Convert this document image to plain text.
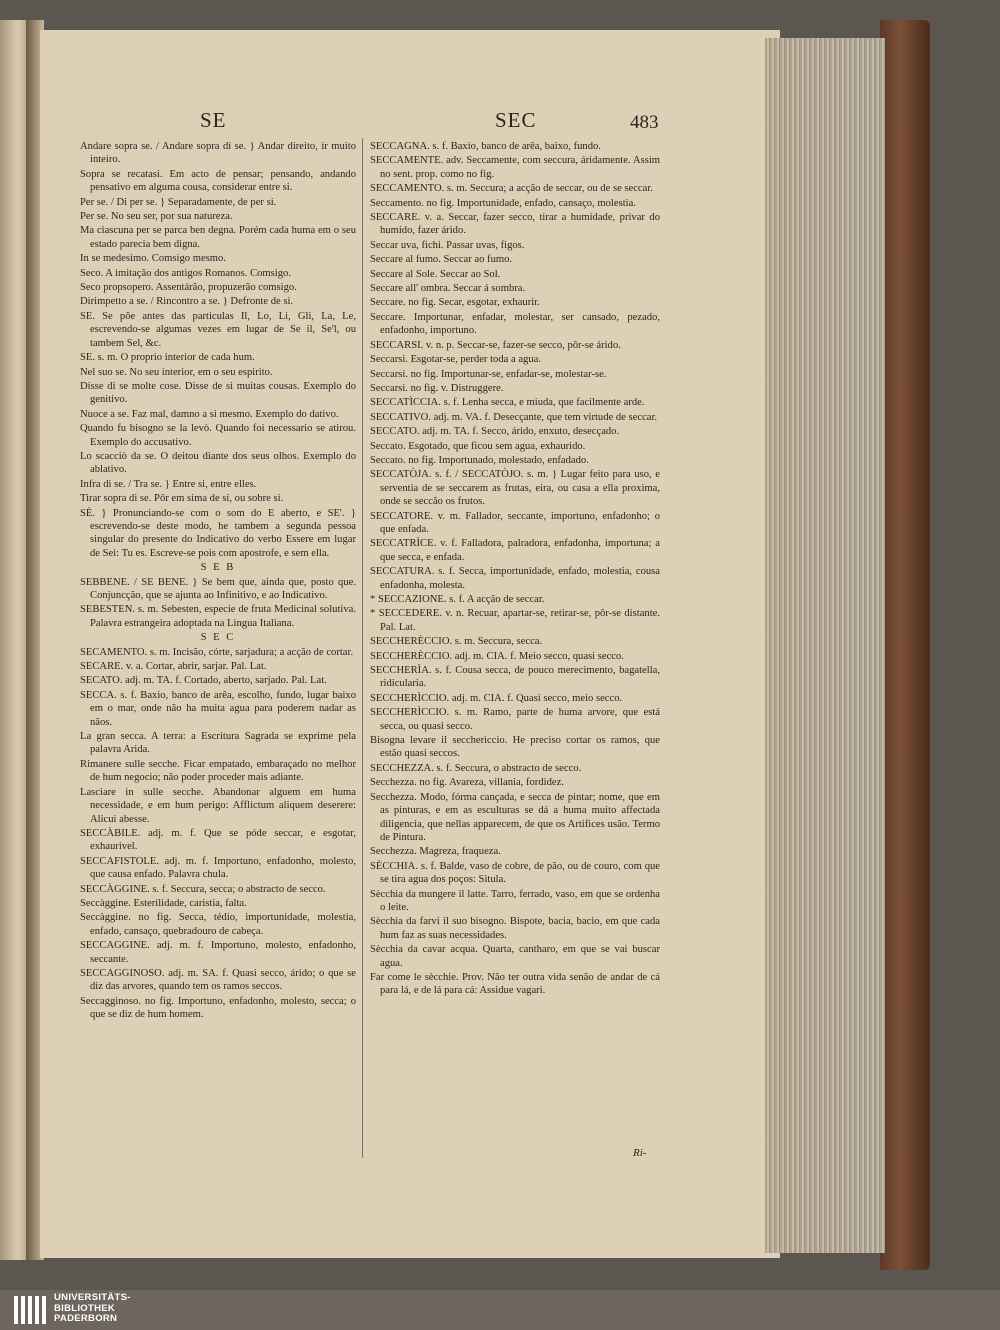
SE	SEC	483
Andare sopra se. / Andare sopra di se. } Andar direito, ir muito inteiro.
Sopra se recatasi. Em acto de pensar; pensando, andando pensativo em alguma cousa, considerar entre si.
Per se. / Di per se. } Separadamente, de per si.
Per se. No seu ser, por sua natureza.
Ma ciascuna per se parca ben degna. Porém cada huma em o seu estado parecia bem digna.
In se medesimo. Comsigo mesmo.
Seco. A imitação dos antigos Romanos. Comsigo.
Seco propsopero. Assentárão, propuzerão comsigo.
Dirimpetto a se. / Rincontro a se. } Defronte de si.
SE. Se põe antes das particulas Il, Lo, Li, Gli, La, Le, escrevendo-se algumas vezes em lugar de Se il, Se'l, ou tambem Sel, &c.
SE. s. m. O proprio interior de cada hum.
Nel suo se. No seu interior, em o seu espirito.
Disse di se molte cose. Disse de si muitas cousas. Exemplo do genitivo.
Nuoce a se. Faz mal, damno a si mesmo. Exemplo do dativo.
Quando fu bisogno se la levò. Quando foi necessario se atirou. Exemplo do accusativo.
Lo scacciò da se. O deitou diante dos seus olhos. Exemplo do ablativo.
Infra di se. / Tra se. } Entre si, entre elles.
Tirar sopra di se. Pôr em sima de si, ou sobre si.
SÈ. } Pronunciando-se com o som do E aberto, e SE'. } escrevendo-se deste modo, he tambem a segunda pessoa singular do presente do Indicativo do verbo Essere em lugar de Sei: Tu es. Escreve-se pois com apostrofe, e sem ella.
S E B
SEBBENE. / SE BENE. } Se bem que, ainda que, posto que. Conjuncção, que se ajunta ao Infinitivo, e ao Indicativo.
SEBESTEN. s. m. Sebesten, especie de fruta Medicinal solutiva. Palavra estrangeira adoptada na Lingua Italiana.
S E C
SECAMENTO. s. m. Incisão, córte, sarjadura; a acção de cortar.
SECARE. v. a. Cortar, abrir, sarjar. Pal. Lat.
SECATO. adj. m. TA. f. Cortado, aberto, sarjado. Pal. Lat.
SECCA. s. f. Baxio, banco de arêa, escolho, fundo, lugar baixo em o mar, onde não ha muita agua para poderem nadar as nãos.
La gran secca. A terra: a Escritura Sagrada se exprime pela palavra Arida.
Rimanere sulle secche. Ficar empatado, embaraçado no melhor de hum negocio; não poder proceder mais adiante.
Lasciare in sulle secche. Abandonar alguem em huma necessidade, e em hum perigo: Afflictum aliquem deserere: Alicui abesse.
SECCÀBILE. adj. m. f. Que se póde seccar, e esgotar, exhaurivel.
SECCAFISTOLE. adj. m. f. Importuno, enfadonho, molesto, que causa enfado. Palavra chula.
SECCÀGGINE. s. f. Seccura, secca; o abstracto de secco.
Seccàggine. Esterilidade, caristia, falta.
Seccàggine. no fig. Secca, tédio, importunidade, molestia, enfado, cansaço, quebradouro de cabeça.
SECCAGGINE. adj. m. f. Importuno, molesto, enfadonho, seccante.
SECCAGGINOSO. adj. m. SA. f. Quasi secco, árido; o que se diz das arvores, quando tem os ramos seccos.
Seccagginoso. no fig. Importuno, enfadonho, molesto, secca; o que se diz de hum homem.
SECCAGNA. s. f. Baxio, banco de arêa, baixo, fundo.
SECCAMENTE. adv. Seccamente, com seccura, áridamente. Assim no sent. prop. como no fig.
SECCAMENTO. s. m. Seccura; a acção de seccar, ou de se seccar.
Seccamento. no fig. Importunidade, enfado, cansaço, molestia.
SECCARE. v. a. Seccar, fazer secco, tirar a humidade, privar do humido, fazer árido.
Seccar uva, fichi. Passar uvas, figos.
Seccare al fumo. Seccar ao fumo.
Seccare al Sole. Seccar ao Sol.
Seccare all' ombra. Seccar á sombra.
Seccare. no fig. Secar, esgotar, exhaurir.
Seccare. Importunar, enfadar, molestar, ser cansado, pezado, enfadonho, importuno.
SECCARSI. v. n. p. Seccar-se, fazer-se secco, pôr-se árido.
Seccarsi. Esgotar-se, perder toda a agua.
Seccarsi. no fig. Importunar-se, enfadar-se, molestar-se.
Seccarsi. no fig. v. Distruggere.
SECCATÌCCIA. s. f. Lenha secca, e miuda, que facilmente arde.
SECCATIVO. adj. m. VA. f. Desecçante, que tem virtude de seccar.
SECCATO. adj. m. TA. f. Secco, árido, enxuto, desecçado.
Seccato. Esgotado, que ficou sem agua, exhaurido.
Seccato. no fig. Importunado, molestado, enfadado.
SECCATÒJA. s. f. / SECCATÒJO. s. m. } Lugar feito para uso, e serventia de se seccarem as frutas, eira, ou casa a ella proxima, onde se seccão os frutos.
SECCATORE. v. m. Fallador, seccante, importuno, enfadonho; o que enfada.
SECCATRÌCE. v. f. Falladora, palradora, enfadonha, importuna; a que secca, e enfada.
SECCATURA. s. f. Secca, importunidade, enfado, molestia, cousa enfadonha, molesta.
* SECCAZIONE. s. f. A acção de seccar.
* SECCEDERE. v. n. Recuar, apartar-se, retirar-se, pôr-se distante. Pal. Lat.
SECCHERÈCCIO. s. m. Seccura, secca.
SECCHERÈCCIO. adj. m. CIA. f. Meio secco, quasi secco.
SECCHERÌA. s. f. Cousa secca, de pouco merecimento, bagatella, ridicularia.
SECCHERÌCCIO. adj. m. CIA. f. Quasi secco, meio secco.
SECCHERÌCCIO. s. m. Ramo, parte de huma arvore, que está secca, ou quasi secco.
Bisogna levare il seccherìccio. He preciso cortar os ramos, que estão quasi seccos.
SECCHEZZA. s. f. Seccura, o abstracto de secco.
Secchezza. no fig. Avareza, villania, fordidez.
Secchezza. Modo, fórma cançada, e secca de pintar; nome, que em as pinturas, e em as esculturas se dá a huma muito affectada diligencia, que nellas apparecem, de que os Artifices usão. Termo de Pintura.
Secchezza. Magreza, fraqueza.
SÈCCHIA. s. f. Balde, vaso de cobre, de pão, ou de couro, com que se tira agua dos poços: Situla.
Sècchia da mungere il latte. Tarro, ferrado, vaso, em que se ordenha o leite.
Sècchia da farvi il suo bisogno. Bispote, bacia, bacio, em que cada hum faz as suas necessidades.
Sècchia da cavar acqua. Quarta, cantharo, em que se vai buscar agua.
Far come le sècchie. Prov. Não ter outra vida senão de andar de cá para lá, e de lá para cá: Assidue vagari.
Ri-
UNIVERSITÄTS-
BIBLIOTHEK
PADERBORN
